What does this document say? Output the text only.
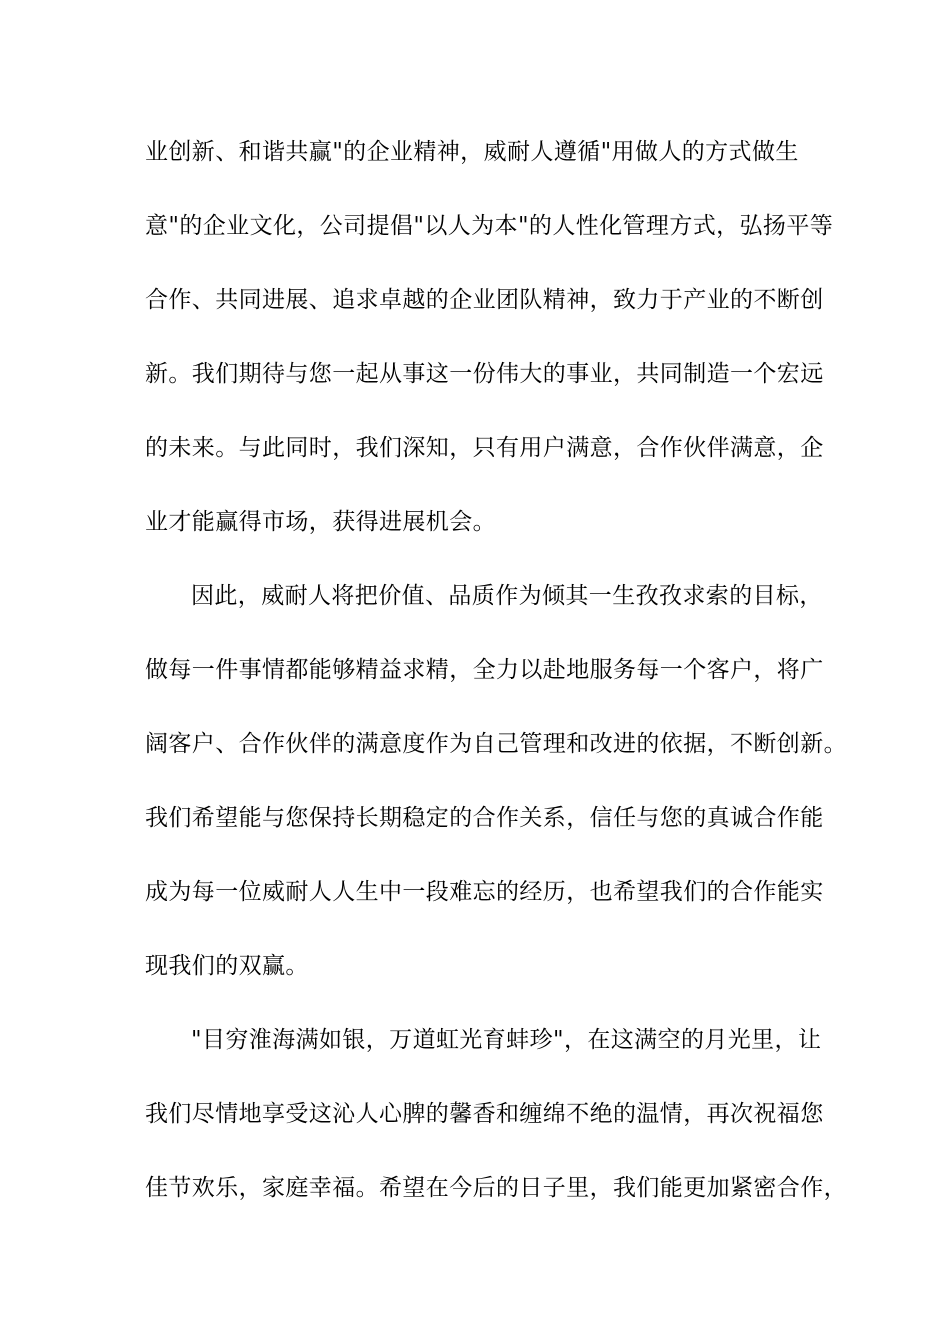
业创新、和谐共赢"的企业精神，威耐人遵循"用做人的方式做生
意"的企业文化，公司提倡"以人为本"的人性化管理方式，弘扬平等
合作、共同进展、追求卓越的企业团队精神，致力于产业的不断创
新。我们期待与您一起从事这一份伟大的事业，共同制造一个宏远
的未来。与此同时，我们深知，只有用户满意，合作伙伴满意，企
业才能赢得市场，获得进展机会。
因此，威耐人将把价值、品质作为倾其一生孜孜求索的目标，
做每一件事情都能够精益求精，全力以赴地服务每一个客户，将广
阔客户、合作伙伴的满意度作为自己管理和改进的依据，不断创新。
我们希望能与您保持长期稳定的合作关系，信任与您的真诚合作能
成为每一位威耐人人生中一段难忘的经历，也希望我们的合作能实
现我们的双赢。
"目穷淮海满如银，万道虹光育蚌珍"，在这满空的月光里，让
我们尽情地享受这沁人心脾的馨香和缠绵不绝的温情，再次祝福您
佳节欢乐，家庭幸福。希望在今后的日子里，我们能更加紧密合作，
